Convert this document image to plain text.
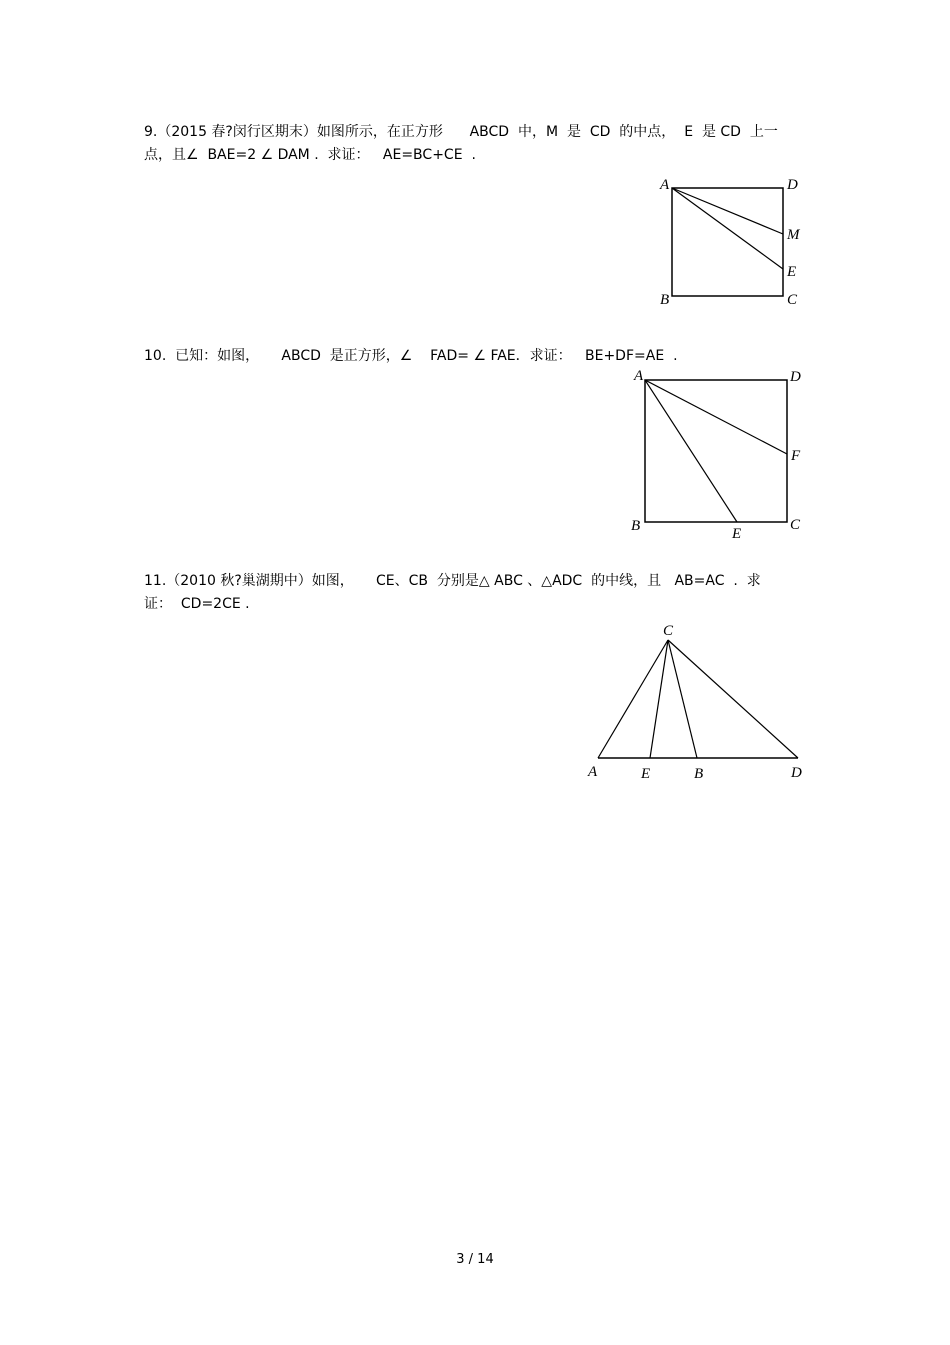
9.（2015 春?闵行区期末）如图所示，在正方形      ABCD  中，M  是  CD  的中点，  E  是 CD  上一
点，且∠  BAE=2 ∠ DAM .  求证：   AE=BC+CE  .
A	D
M
E
B	C
10.  已知：如图，     ABCD  是正方形，∠    FAD= ∠ FAE．求证：   BE+DF=AE  .
A	D
F
B	E
C
11.（2010 秋?巢湖期中）如图，     CE、CB  分别是△ ABC 、△ADC  的中线，且   AB=AC  .  求
证：  CD=2CE .
C
A	E	B	D
3 / 14
